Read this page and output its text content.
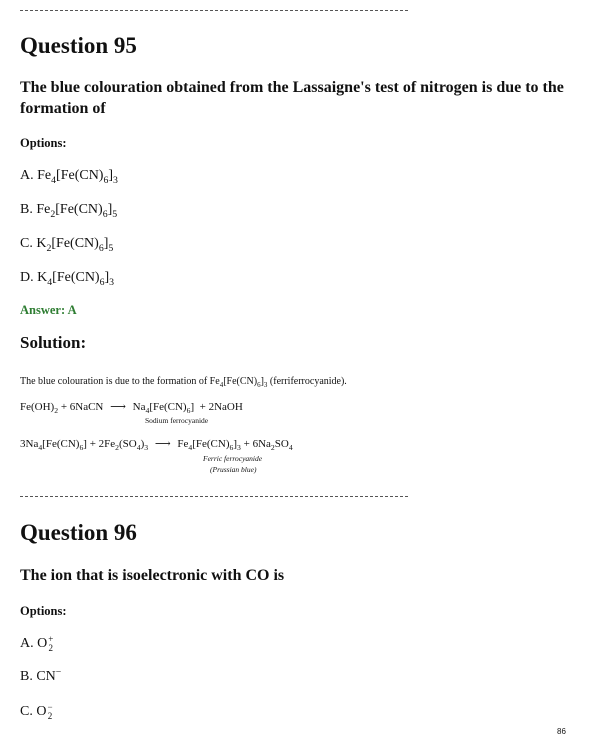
Question 95
The blue colouration obtained from the Lassaigne's test of nitrogen is due to the formation of
Options:
A. $Fe_4[Fe(CN)_6]_3$
B. $Fe_2[Fe(CN)_6]_5$
C. $K_2[Fe(CN)_6]_5$
D. $K_4[Fe(CN)_6]_3$
Answer: A
Solution:
The blue colouration is due to the formation of $Fe_4[Fe(CN)_6]_3$ (ferriferrocyanide).
$Fe(OH)_2$ + 6NaCN ⟶ $Na_4[Fe(CN)_6]$  + 2NaOH
Sodium ferrocyanide
$3Na_4[Fe(CN)_6] + 2Fe_2(SO_4)_3$ ⟶ $Fe_4[Fe(CN)_6]_3 + 6Na_2SO_4$
Ferric ferrocyanide
(Prussian blue)
Question 96
The ion that is isoelectronic with CO is
Options:
A. O+
2
B. CN−
C. O−
2
86
